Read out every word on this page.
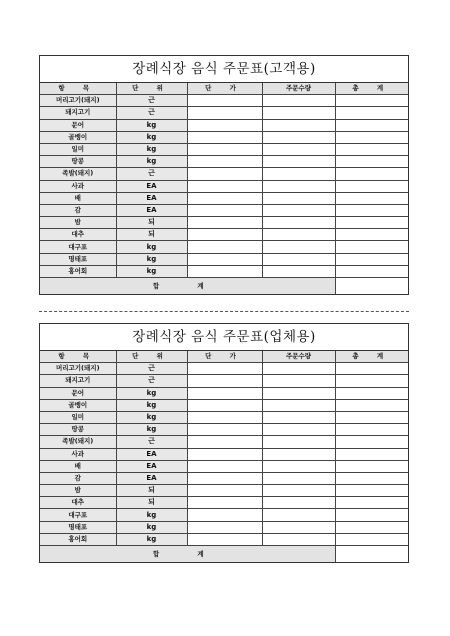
장례식장 음식 주문표(고객용)
항 목	단 위	단 가	주문수량	총 계
머리고기(돼지)	근			
돼지고기	근			
문어	kg			
골뱅이	kg			
일미	kg			
땅콩	kg			
족발(돼지)	근			
사과	EA			
배	EA			
감	EA			
밤	되			
대추	되			
대구포	kg			
명태포	kg			
홍어회	kg			
합 계				
장례식장 음식 주문표(업체용)
항 목	단 위	단 가	주문수량	총 계
머리고기(돼지)	근			
돼지고기	근			
문어	kg			
골뱅이	kg			
일미	kg			
땅콩	kg			
족발(돼지)	근			
사과	EA			
배	EA			
감	EA			
밤	되			
대추	되			
대구포	kg			
명태포	kg			
홍어회	kg			
합 계				
